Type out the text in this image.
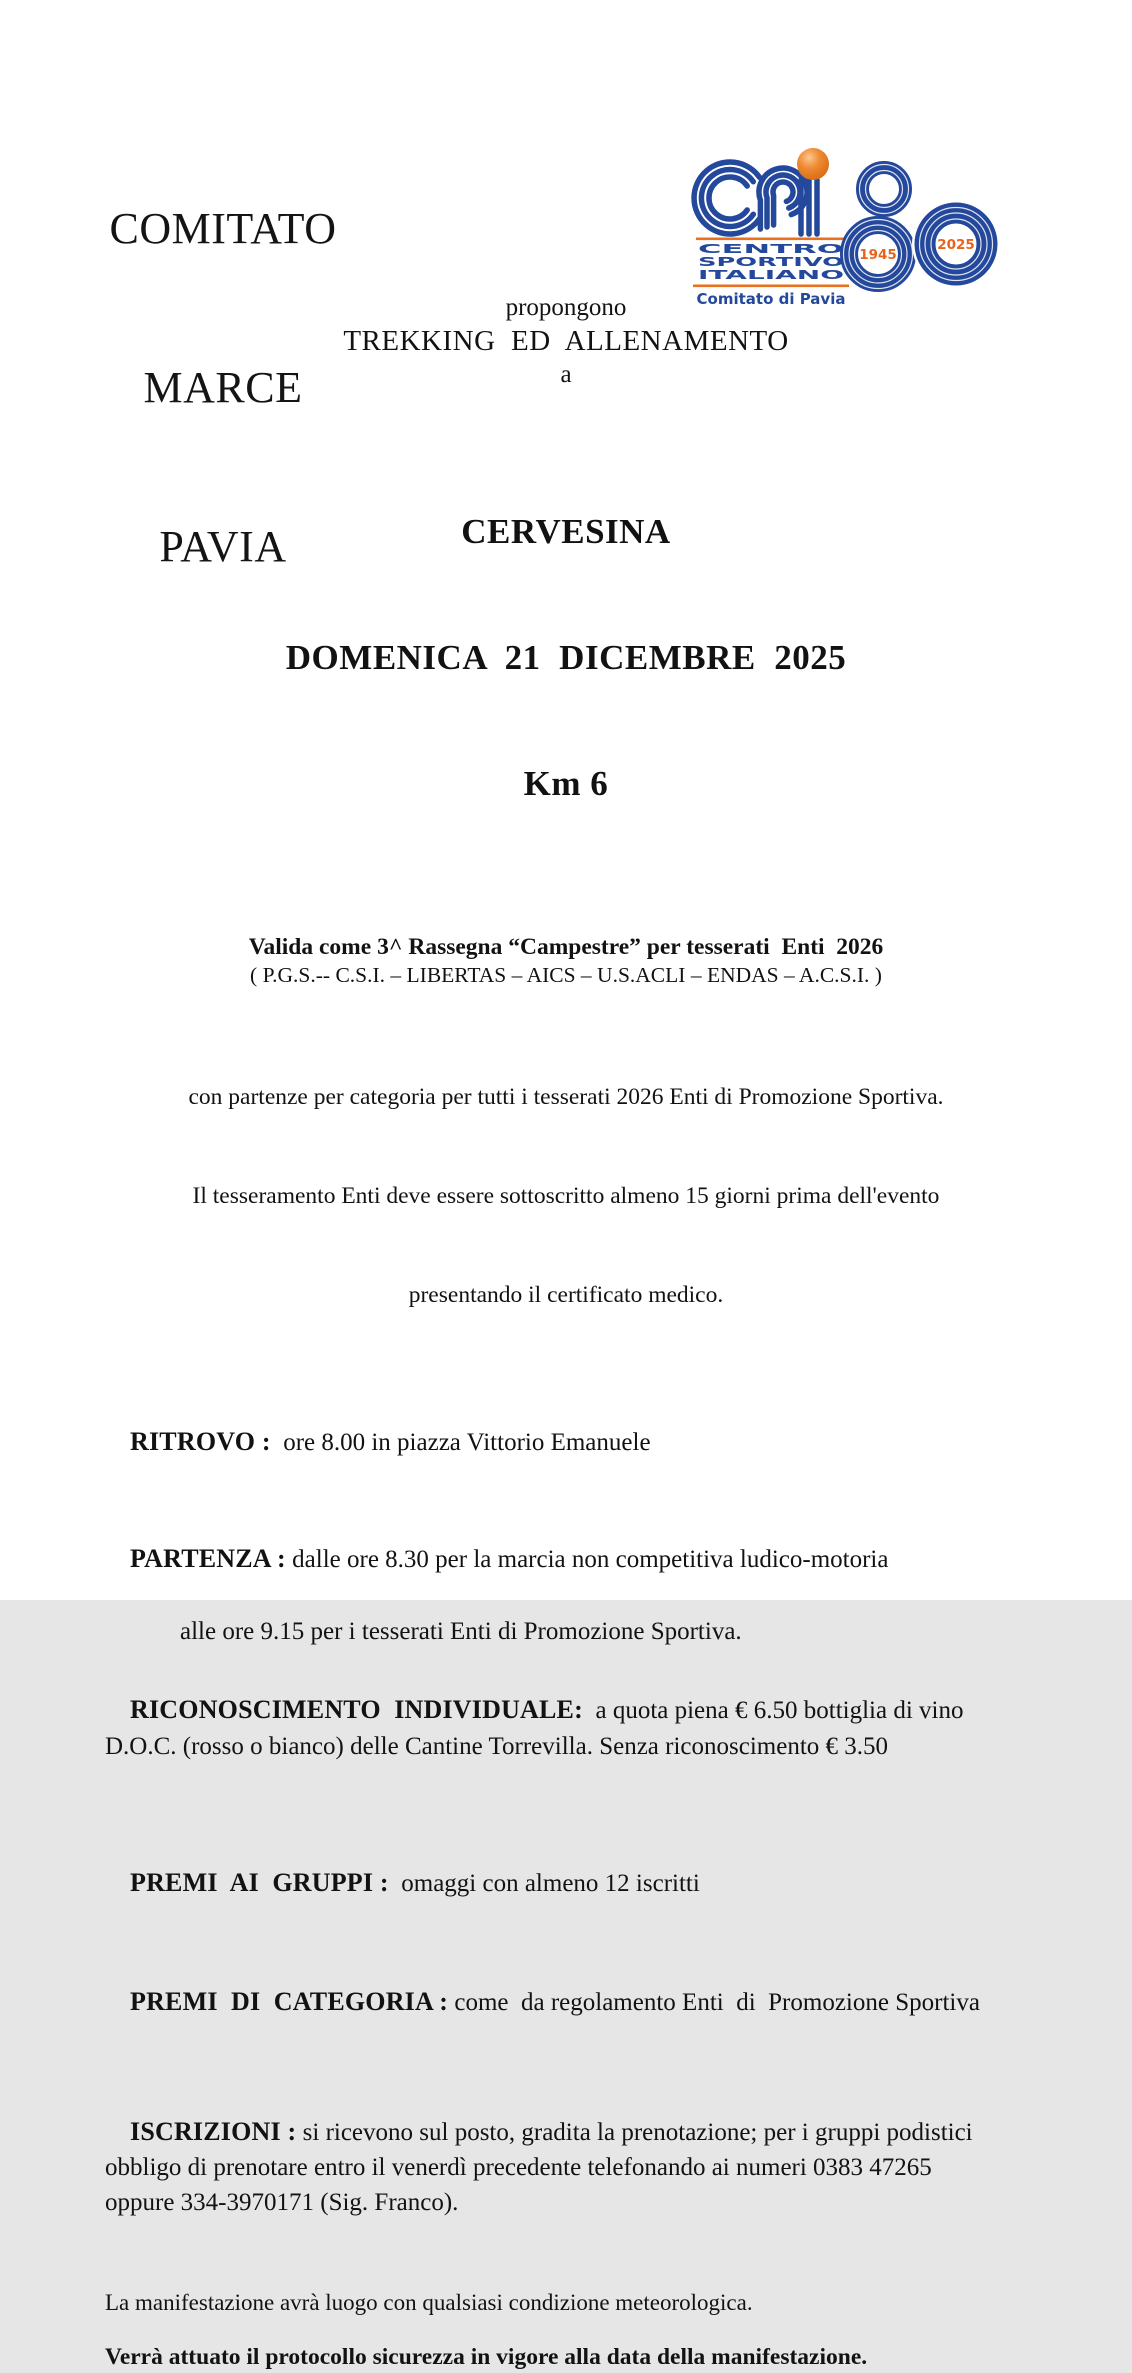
COMITATO

MARCE

PAVIA

CENTRO
SPORTIVO
ITALIANO
Comitato di Pavia
1945
2025

propongono

TREKKING  ED  ALLENAMENTO

a

CERVESINA

DOMENICA  21  DICEMBRE  2025

Km 6

Valida come 3^ Rassegna “Campestre” per tesserati  Enti  2026

( P.G.S.-- C.S.I. – LIBERTAS – AICS – U.S.ACLI – ENDAS – A.C.S.I. )

con partenze per categoria per tutti i tesserati 2026 Enti di Promozione Sportiva.

Il tesseramento Enti deve essere sottoscritto almeno 15 giorni prima dell'evento

presentando il certificato medico.

RITROVO :  ore 8.00 in piazza Vittorio Emanuele

PARTENZA : dalle ore 8.30 per la marcia non competitiva ludico-motoria

alle ore 9.15 per i tesserati Enti di Promozione Sportiva.

RICONOSCIMENTO  INDIVIDUALE:  a quota piena € 6.50 bottiglia di vino D.O.C. (rosso o bianco) delle Cantine Torrevilla. Senza riconoscimento € 3.50

PREMI  AI  GRUPPI :  omaggi con almeno 12 iscritti

PREMI  DI  CATEGORIA : come  da regolamento Enti  di  Promozione Sportiva

ISCRIZIONI : si ricevono sul posto, gradita la prenotazione; per i gruppi podistici obbligo di prenotare entro il venerdì precedente telefonando ai numeri 0383 47265 oppure 334-3970171 (Sig. Franco).

La manifestazione avrà luogo con qualsiasi condizione meteorologica.

Verrà attuato il protocollo sicurezza in vigore alla data della manifestazione.
